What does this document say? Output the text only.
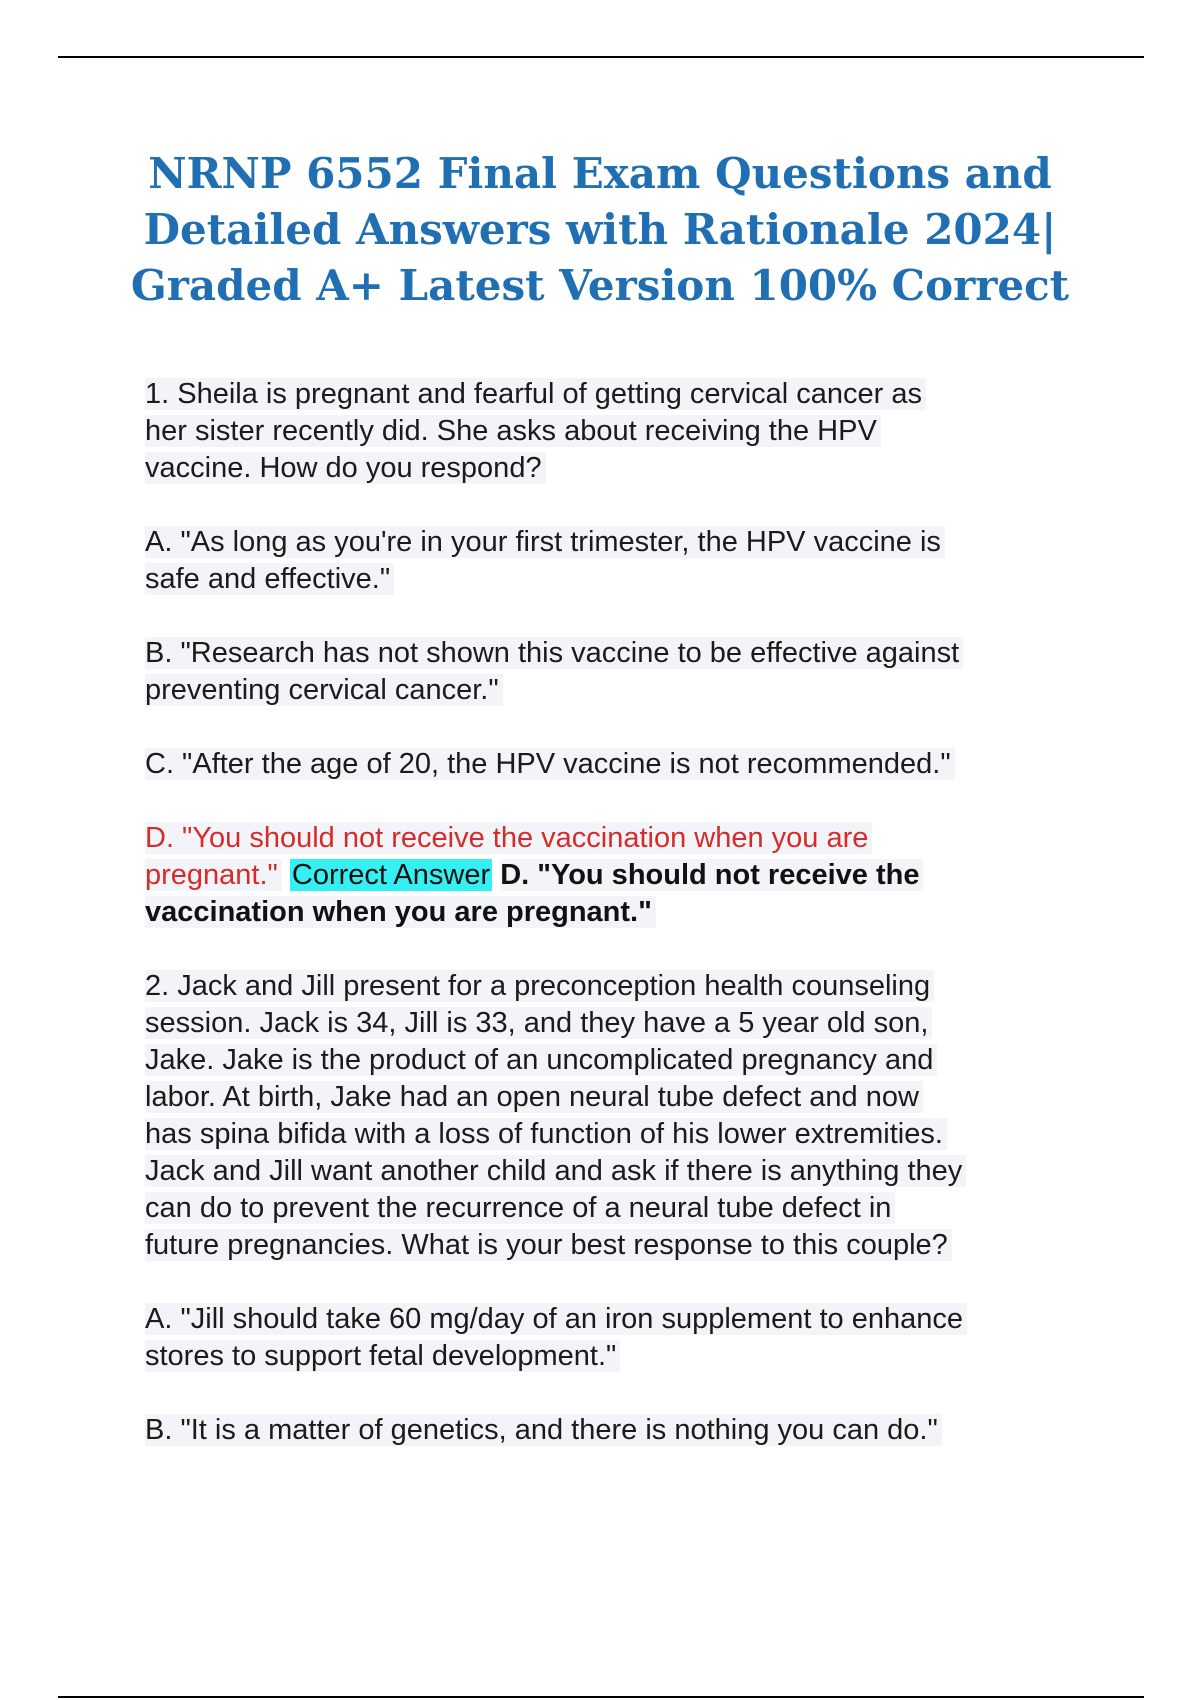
NRNP 6552 Final Exam Questions and
Detailed Answers with Rationale 2024|
Graded A+ Latest Version 100% Correct
1. Sheila is pregnant and fearful of getting cervical cancer as
her sister recently did. She asks about receiving the HPV
vaccine. How do you respond?
A. "As long as you're in your first trimester, the HPV vaccine is
safe and effective."
B. "Research has not shown this vaccine to be effective against
preventing cervical cancer."
C. "After the age of 20, the HPV vaccine is not recommended."
D. "You should not receive the vaccination when you are
pregnant." Correct Answer D. "You should not receive the
vaccination when you are pregnant."
2. Jack and Jill present for a preconception health counseling
session. Jack is 34, Jill is 33, and they have a 5 year old son,
Jake. Jake is the product of an uncomplicated pregnancy and
labor. At birth, Jake had an open neural tube defect and now
has spina bifida with a loss of function of his lower extremities.
Jack and Jill want another child and ask if there is anything they
can do to prevent the recurrence of a neural tube defect in
future pregnancies. What is your best response to this couple?
A. "Jill should take 60 mg/day of an iron supplement to enhance
stores to support fetal development."
B. "It is a matter of genetics, and there is nothing you can do."
